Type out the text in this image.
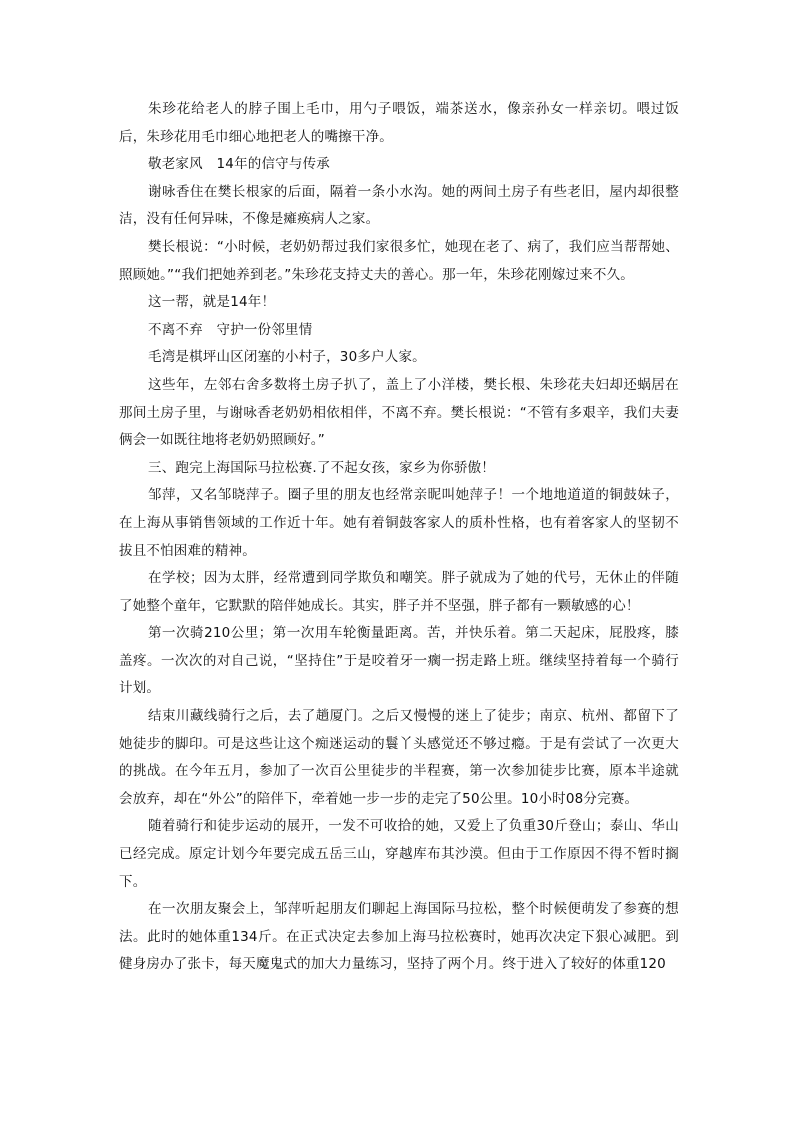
朱珍花给老人的脖子围上毛巾，用勺子喂饭，端茶送水，像亲孙女一样亲切。喂过饭后，朱珍花用毛巾细心地把老人的嘴擦干净。

敬老家风　14年的信守与传承

谢咏香住在樊长根家的后面，隔着一条小水沟。她的两间土房子有些老旧，屋内却很整洁，没有任何异味，不像是瘫痪病人之家。

樊长根说：“小时候，老奶奶帮过我们家很多忙，她现在老了、病了，我们应当帮帮她、照顾她。”“我们把她养到老。”朱珍花支持丈夫的善心。那一年，朱珍花刚嫁过来不久。

这一帮，就是14年！

不离不弃　守护一份邻里情

毛湾是棋坪山区闭塞的小村子，30多户人家。

这些年，左邻右舍多数将土房子扒了，盖上了小洋楼，樊长根、朱珍花夫妇却还蜗居在那间土房子里，与谢咏香老奶奶相依相伴，不离不弃。樊长根说：“不管有多艰辛，我们夫妻俩会一如既往地将老奶奶照顾好。”

三、跑完上海国际马拉松赛.了不起女孩，家乡为你骄傲！

邹萍，又名邹晓萍子。圈子里的朋友也经常亲昵叫她萍子！一个地地道道的铜鼓妹子，在上海从事销售领域的工作近十年。她有着铜鼓客家人的质朴性格，也有着客家人的坚韧不拔且不怕困难的精神。

在学校；因为太胖，经常遭到同学欺负和嘲笑。胖子就成为了她的代号，无休止的伴随了她整个童年，它默默的陪伴她成长。其实，胖子并不坚强，胖子都有一颗敏感的心！

第一次骑210公里；第一次用车轮衡量距离。苦，并快乐着。第二天起床，屁股疼，膝盖疼。一次次的对自己说，“坚持住”于是咬着牙一瘸一拐走路上班。继续坚持着每一个骑行计划。

结束川藏线骑行之后，去了趟厦门。之后又慢慢的迷上了徒步；南京、杭州、都留下了她徒步的脚印。可是这些让这个痴迷运动的鬟丫头感觉还不够过瘾。于是有尝试了一次更大的挑战。在今年五月，参加了一次百公里徒步的半程赛，第一次参加徒步比赛，原本半途就会放弃，却在“外公”的陪伴下，牵着她一步一步的走完了50公里。10小时08分完赛。

随着骑行和徒步运动的展开，一发不可收拾的她，又爱上了负重30斤登山；泰山、华山已经完成。原定计划今年要完成五岳三山，穿越库布其沙漠。但由于工作原因不得不暂时搁下。

在一次朋友聚会上，邹萍听起朋友们聊起上海国际马拉松，整个时候便萌发了参赛的想法。此时的她体重134斤。在正式决定去参加上海马拉松赛时，她再次决定下狠心减肥。到健身房办了张卡，每天魔鬼式的加大力量练习，坚持了两个月。终于进入了较好的体重120
